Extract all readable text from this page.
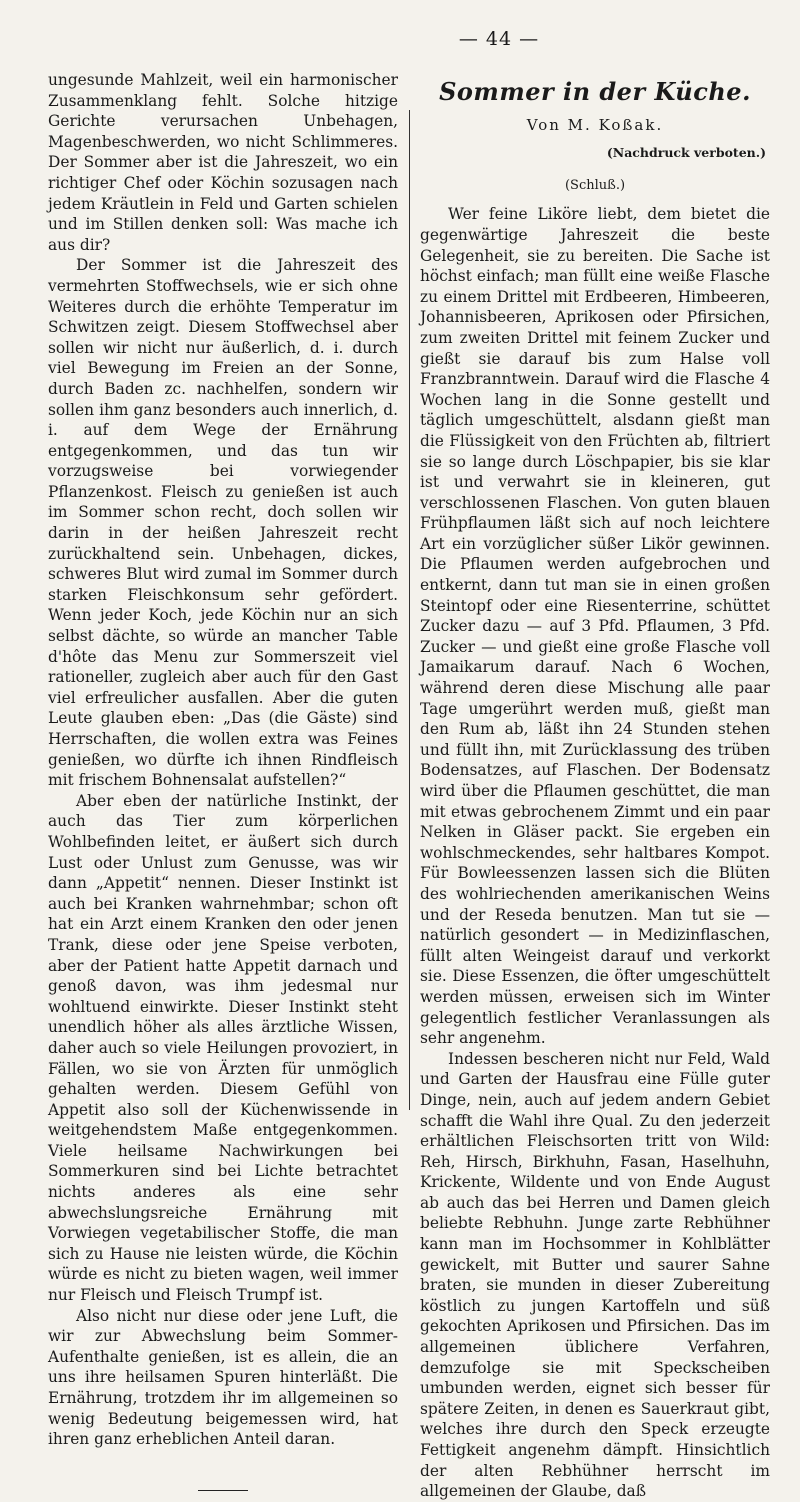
— 44 —

ungesunde Mahlzeit, weil ein harmonischer Zusammenklang fehlt. Solche hitzige Gerichte verursachen Unbehagen, Magenbeschwerden, wo nicht Schlimmeres. Der Sommer aber ist die Jahreszeit, wo ein richtiger Chef oder Köchin sozusagen nach jedem Kräutlein in Feld und Garten schielen und im Stillen denken soll: Was mache ich aus dir?

Der Sommer ist die Jahreszeit des vermehrten Stoffwechsels, wie er sich ohne Weiteres durch die erhöhte Temperatur im Schwitzen zeigt. Diesem Stoffwechsel aber sollen wir nicht nur äußerlich, d. i. durch viel Bewegung im Freien an der Sonne, durch Baden zc. nachhelfen, sondern wir sollen ihm ganz besonders auch innerlich, d. i. auf dem Wege der Ernährung entgegenkommen, und das tun wir vorzugsweise bei vorwiegender Pflanzenkost. Fleisch zu genießen ist auch im Sommer schon recht, doch sollen wir darin in der heißen Jahreszeit recht zurückhaltend sein. Unbehagen, dickes, schweres Blut wird zumal im Sommer durch starken Fleischkonsum sehr gefördert. Wenn jeder Koch, jede Köchin nur an sich selbst dächte, so würde an mancher Table d'hôte das Menu zur Sommerszeit viel rationeller, zugleich aber auch für den Gast viel erfreulicher ausfallen. Aber die guten Leute glauben eben: „Das (die Gäste) sind Herrschaften, die wollen extra was Feines genießen, wo dürfte ich ihnen Rindfleisch mit frischem Bohnensalat aufstellen?“

Aber eben der natürliche Instinkt, der auch das Tier zum körperlichen Wohlbefinden leitet, er äußert sich durch Lust oder Unlust zum Genusse, was wir dann „Appetit“ nennen. Dieser Instinkt ist auch bei Kranken wahrnehmbar; schon oft hat ein Arzt einem Kranken den oder jenen Trank, diese oder jene Speise verboten, aber der Patient hatte Appetit darnach und genoß davon, was ihm jedesmal nur wohltuend einwirkte. Dieser Instinkt steht unendlich höher als alles ärztliche Wissen, daher auch so viele Heilungen provoziert, in Fällen, wo sie von Ärzten für unmöglich gehalten werden. Diesem Gefühl von Appetit also soll der Küchenwissende in weitgehendstem Maße entgegenkommen. Viele heilsame Nachwirkungen bei Sommerkuren sind bei Lichte betrachtet nichts anderes als eine sehr abwechslungsreiche Ernährung mit Vorwiegen vegetabilischer Stoffe, die man sich zu Hause nie leisten würde, die Köchin würde es nicht zu bieten wagen, weil immer nur Fleisch und Fleisch Trumpf ist.

Also nicht nur diese oder jene Luft, die wir zur Abwechslung beim Sommer-Aufenthalte genießen, ist es allein, die an uns ihre heilsamen Spuren hinterläßt. Die Ernährung, trotzdem ihr im allgemeinen so wenig Bedeutung beigemessen wird, hat ihren ganz erheblichen Anteil daran.

Sommer in der Küche.
Von M. Koßak.
(Nachdruck verboten.)
(Schluß.)

Wer feine Liköre liebt, dem bietet die gegenwärtige Jahreszeit die beste Gelegenheit, sie zu bereiten. Die Sache ist höchst einfach; man füllt eine weiße Flasche zu einem Drittel mit Erdbeeren, Himbeeren, Johannisbeeren, Aprikosen oder Pfirsichen, zum zweiten Drittel mit feinem Zucker und gießt sie darauf bis zum Halse voll Franzbranntwein. Darauf wird die Flasche 4 Wochen lang in die Sonne gestellt und täglich umgeschüttelt, alsdann gießt man die Flüssigkeit von den Früchten ab, filtriert sie so lange durch Löschpapier, bis sie klar ist und verwahrt sie in kleineren, gut verschlossenen Flaschen. Von guten blauen Frühpflaumen läßt sich auf noch leichtere Art ein vorzüglicher süßer Likör gewinnen. Die Pflaumen werden aufgebrochen und entkernt, dann tut man sie in einen großen Steintopf oder eine Riesenterrine, schüttet Zucker dazu — auf 3 Pfd. Pflaumen, 3 Pfd. Zucker — und gießt eine große Flasche voll Jamaikarum darauf. Nach 6 Wochen, während deren diese Mischung alle paar Tage umgerührt werden muß, gießt man den Rum ab, läßt ihn 24 Stunden stehen und füllt ihn, mit Zurücklassung des trüben Bodensatzes, auf Flaschen. Der Bodensatz wird über die Pflaumen geschüttet, die man mit etwas gebrochenem Zimmt und ein paar Nelken in Gläser packt. Sie ergeben ein wohlschmeckendes, sehr haltbares Kompot. Für Bowleessenzen lassen sich die Blüten des wohlriechenden amerikanischen Weins und der Reseda benutzen. Man tut sie — natürlich gesondert — in Medizinflaschen, füllt alten Weingeist darauf und verkorkt sie. Diese Essenzen, die öfter umgeschüttelt werden müssen, erweisen sich im Winter gelegentlich festlicher Veranlassungen als sehr angenehm.

Indessen bescheren nicht nur Feld, Wald und Garten der Hausfrau eine Fülle guter Dinge, nein, auch auf jedem andern Gebiet schafft die Wahl ihre Qual. Zu den jederzeit erhältlichen Fleischsorten tritt von Wild: Reh, Hirsch, Birkhuhn, Fasan, Haselhuhn, Krickente, Wildente und von Ende August ab auch das bei Herren und Damen gleich beliebte Rebhuhn. Junge zarte Rebhühner kann man im Hochsommer in Kohlblätter gewickelt, mit Butter und saurer Sahne braten, sie munden in dieser Zubereitung köstlich zu jungen Kartoffeln und süß gekochten Aprikosen und Pfirsichen. Das im allgemeinen üblichere Verfahren, demzufolge sie mit Speckscheiben umbunden werden, eignet sich besser für spätere Zeiten, in denen es Sauerkraut gibt, welches ihre durch den Speck erzeugte Fettigkeit angenehm dämpft. Hinsichtlich der alten Rebhühner herrscht im allgemeinen der Glaube, daß
